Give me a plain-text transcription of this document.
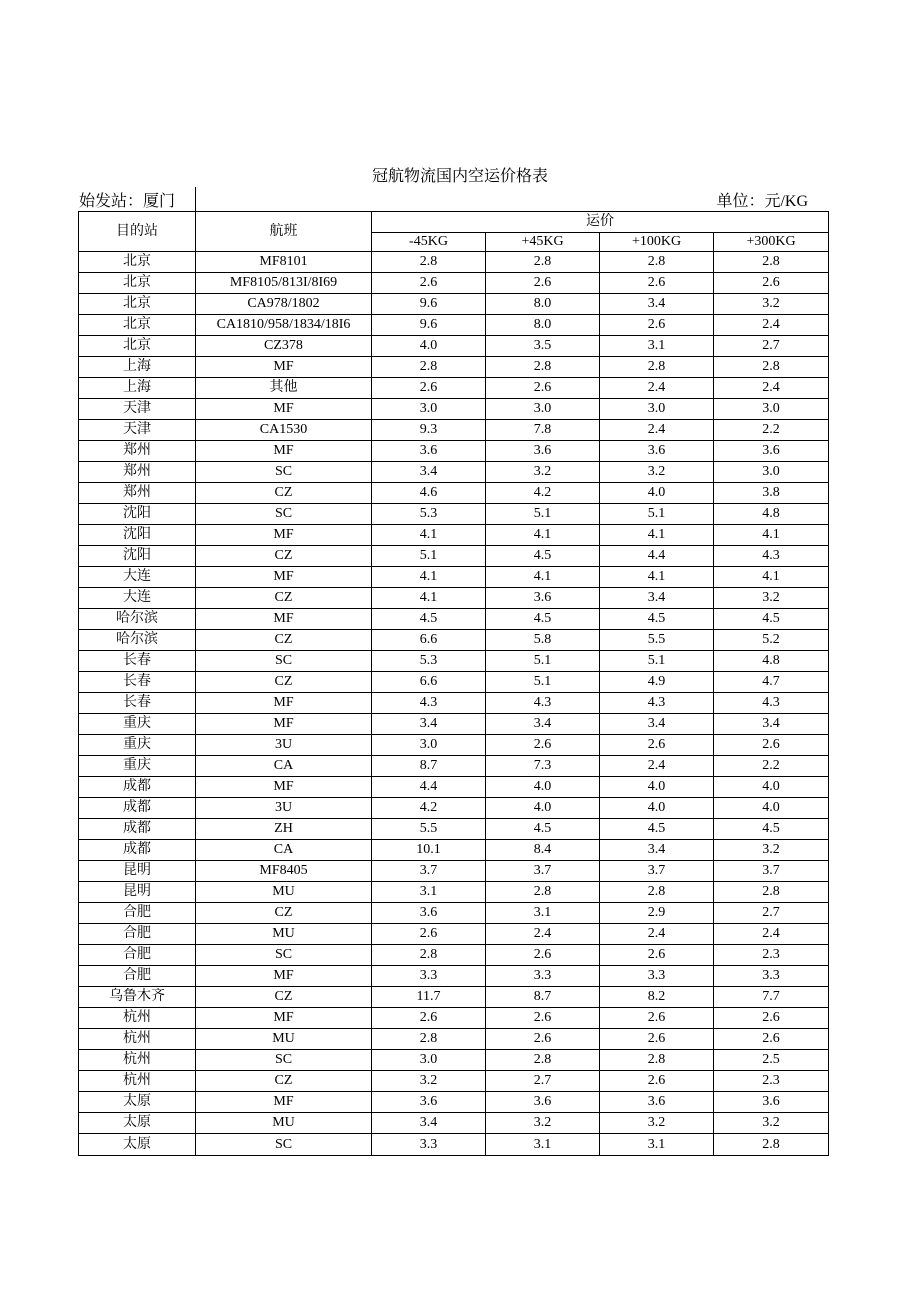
冠航物流国内空运价格表
始发站：厦门	单位：元/KG
目的站	航班	运价			
		-45KG	+45KG	+100KG	+300KG
北京	MF8101	2.8	2.8	2.8	2.8
北京	MF8105/813I/8I69	2.6	2.6	2.6	2.6
北京	CA978/1802	9.6	8.0	3.4	3.2
北京	CA1810/958/1834/18I6	9.6	8.0	2.6	2.4
北京	CZ378	4.0	3.5	3.1	2.7
上海	MF	2.8	2.8	2.8	2.8
上海	其他	2.6	2.6	2.4	2.4
天津	MF	3.0	3.0	3.0	3.0
天津	CA1530	9.3	7.8	2.4	2.2
郑州	MF	3.6	3.6	3.6	3.6
郑州	SC	3.4	3.2	3.2	3.0
郑州	CZ	4.6	4.2	4.0	3.8
沈阳	SC	5.3	5.1	5.1	4.8
沈阳	MF	4.1	4.1	4.1	4.1
沈阳	CZ	5.1	4.5	4.4	4.3
大连	MF	4.1	4.1	4.1	4.1
大连	CZ	4.1	3.6	3.4	3.2
哈尔滨	MF	4.5	4.5	4.5	4.5
哈尔滨	CZ	6.6	5.8	5.5	5.2
长春	SC	5.3	5.1	5.1	4.8
长春	CZ	6.6	5.1	4.9	4.7
长春	MF	4.3	4.3	4.3	4.3
重庆	MF	3.4	3.4	3.4	3.4
重庆	3U	3.0	2.6	2.6	2.6
重庆	CA	8.7	7.3	2.4	2.2
成都	MF	4.4	4.0	4.0	4.0
成都	3U	4.2	4.0	4.0	4.0
成都	ZH	5.5	4.5	4.5	4.5
成都	CA	10.1	8.4	3.4	3.2
昆明	MF8405	3.7	3.7	3.7	3.7
昆明	MU	3.1	2.8	2.8	2.8
合肥	CZ	3.6	3.1	2.9	2.7
合肥	MU	2.6	2.4	2.4	2.4
合肥	SC	2.8	2.6	2.6	2.3
合肥	MF	3.3	3.3	3.3	3.3
乌鲁木齐	CZ	11.7	8.7	8.2	7.7
杭州	MF	2.6	2.6	2.6	2.6
杭州	MU	2.8	2.6	2.6	2.6
杭州	SC	3.0	2.8	2.8	2.5
杭州	CZ	3.2	2.7	2.6	2.3
太原	MF	3.6	3.6	3.6	3.6
太原	MU	3.4	3.2	3.2	3.2
太原	SC	3.3	3.1	3.1	2.8
